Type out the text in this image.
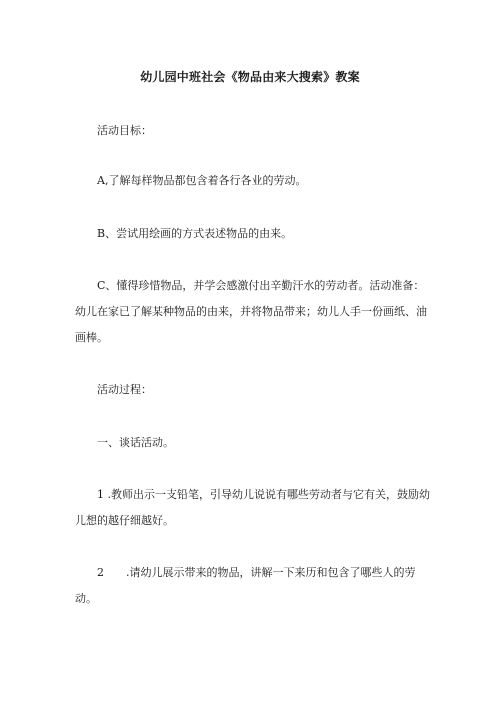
幼儿园中班社会《物品由来大搜索》教案

活动目标：

A,了解每样物品都包含着各行各业的劳动。

B、尝试用绘画的方式表述物品的由来。

C、懂得珍惜物品，并学会感激付出辛勤汗水的劳动者。活动准备：幼儿在家已了解某种物品的由来，并将物品带来；幼儿人手一份画纸、油画棒。

活动过程：

一、谈话活动。

1 .教师出示一支铅笔，引导幼儿说说有哪些劳动者与它有关，鼓励幼儿想的越仔细越好。

2　　.请幼儿展示带来的物品，讲解一下来历和包含了哪些人的劳动。
